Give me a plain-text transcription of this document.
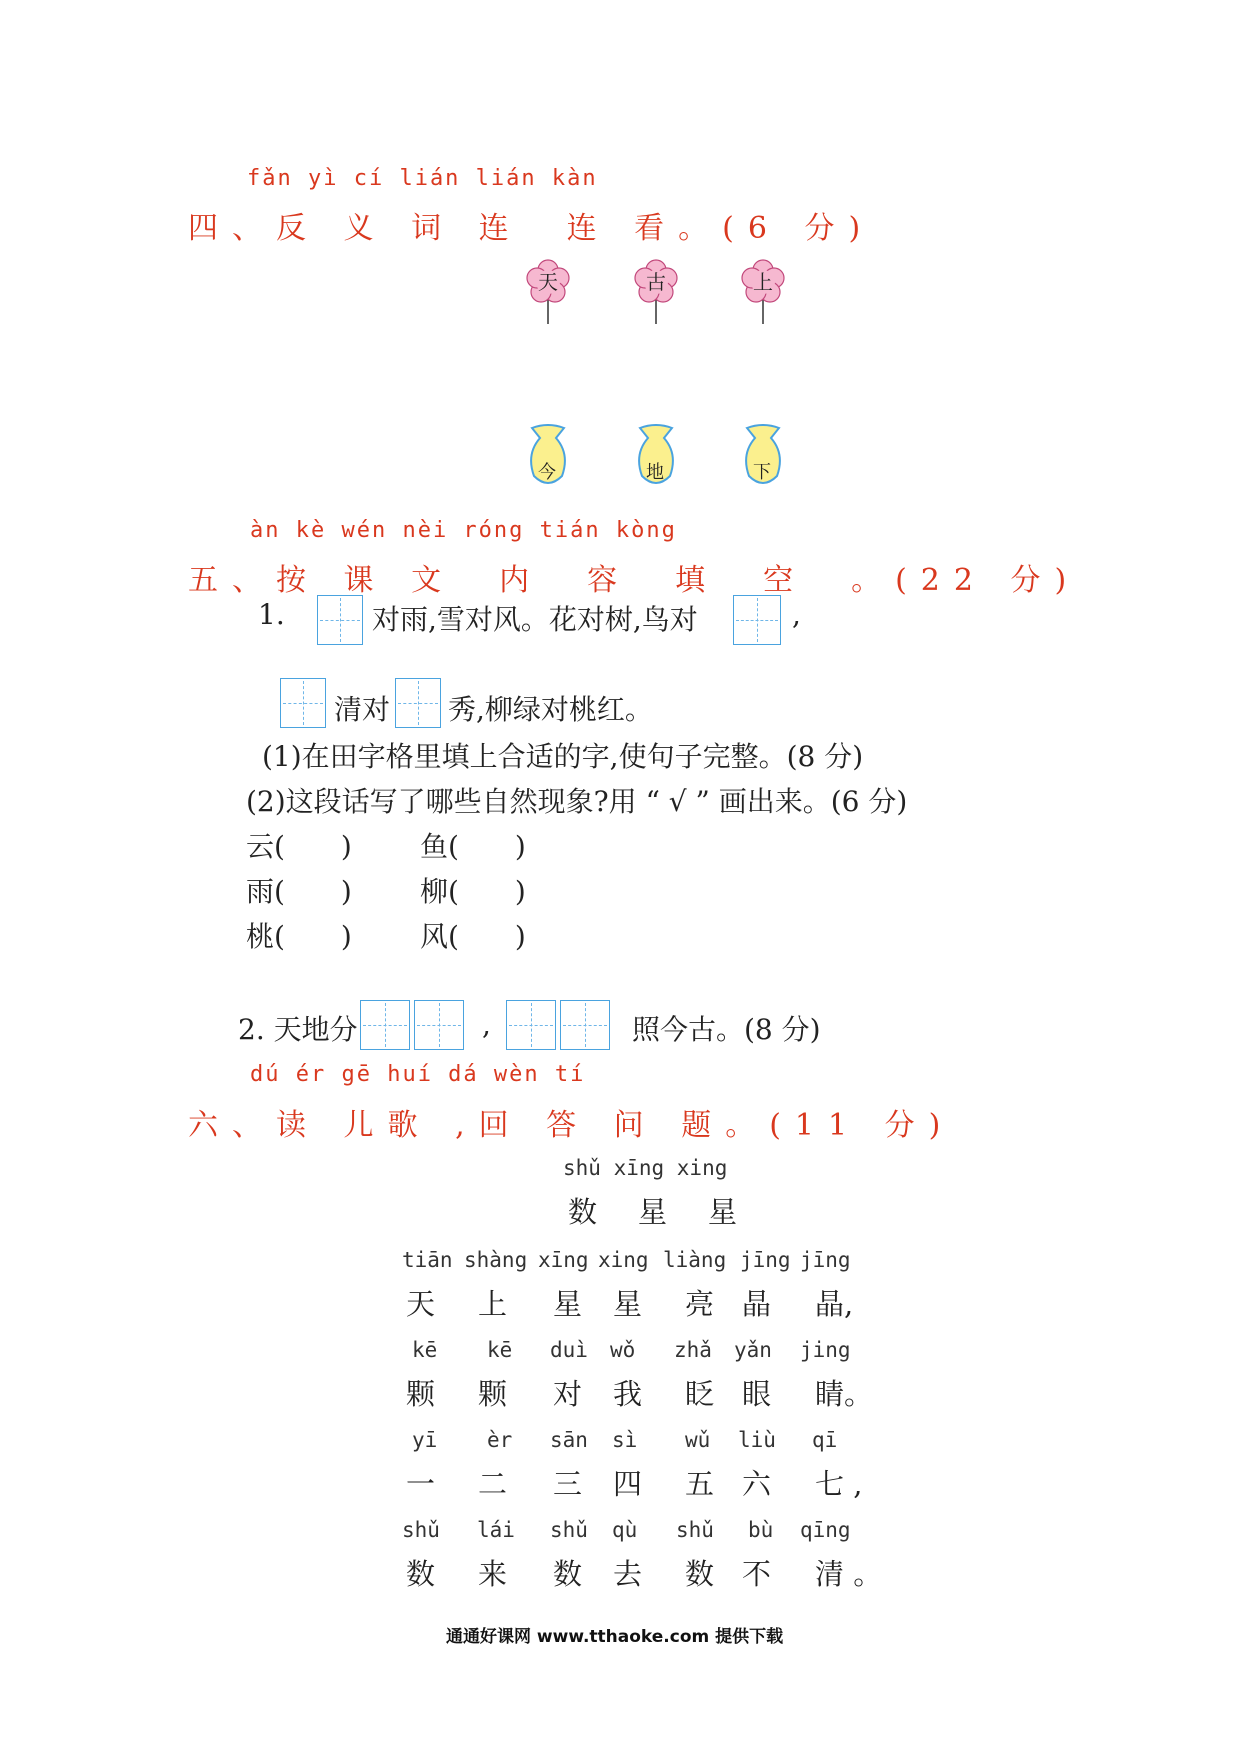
fǎn yì cí lián lián kàn
四、反 义 词 连　连 看。(6 分)
天	古	上
今	地	下
àn kè wén nèi róng tián kòng
五、按 课 文　内　容　填　空　。(22 分)
1.	对雨,雪对风。花对树,鸟对	,
清对 秀,柳绿对桃红。
(1)在田字格里填上合适的字,使句子完整。(8 分)
(2)这段话写了哪些自然现象?用 “ √ ” 画出来。(6 分)
云(　　) 鱼(　　)
雨(　　) 柳(　　)
桃(　　) 风(　　)
2. 天地分	,	照今古。(8 分)
dú ér gē huí dá wèn tí
六、读 儿歌 ,回 答 问 题。(11 分)
shǔ xīng xing
数　星　星
tiān shàng xīng xing liàng jīng jīng
天 上 星 星 亮 晶 晶,
kē kē duì wǒ zhǎ yǎn jing
颗 颗 对 我 眨 眼 睛。
yī èr sān sì wǔ liù qī
一 二 三 四 五 六 七 ,
shǔ lái shǔ qù shǔ bù qīng
数 来 数 去 数 不 清 。
通通好课网 www.tthaoke.com 提供下载
